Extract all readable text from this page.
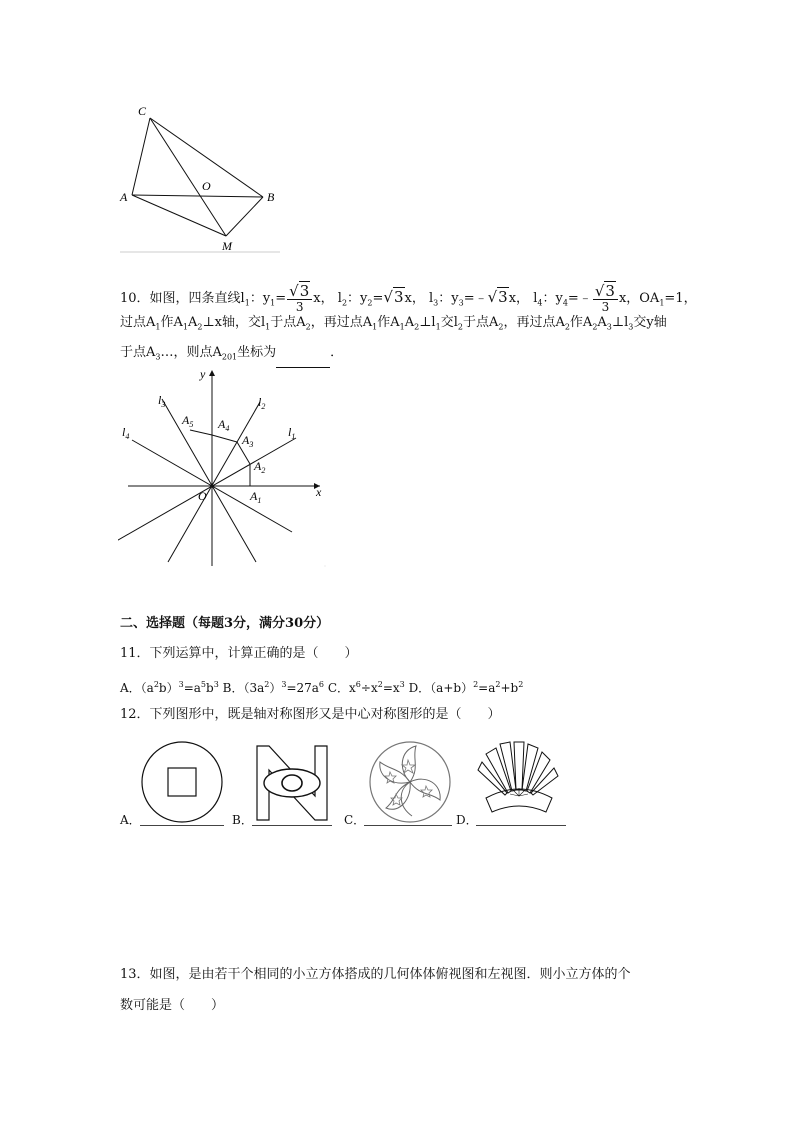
C
O
A	B
M
10．如图，四条直线$l_1$：$y_1= \frac{√3}{3}$ x， $l_2$：$y_2=√3x$， $l_3$：$y_3=﹣√3x$， $l_4$：$y_4=﹣ \frac{√3}{3}$ x，$OA_1=1$，
过点$A_1$作$A_1A_2\perp x$轴，交$l_1$于点$A_2$，再过点$A_1$作$A_1A_2\perp l_1$交$l_2$于点$A_2$，再过点$A_2$作$A_2A_3\perp l_3$交y轴
于点$A_3\dots$，则点$A_{201}$坐标为	．
y
x
O
$l_1$
$l_2$
$l_3$
$l_4$
$A_1$
$A_2$
$A_3$
$A_4$
$A_5$
二、选择题（每题3分，满分30分）
11．下列运算中，计算正确的是（　　）
A．$(a^2b)^3=a^5b^3$ B．$(3a^2)^3=27a^6$ C．$x^6\div x^2=x^3$ D．$(a+b)^2=a^2+b^2$
12．下列图形中，既是轴对称图形又是中心对称图形的是（　　）
A．	B．	C．	D．
13．如图，是由若干个相同的小立方体搭成的几何体体俯视图和左视图．则小立方体的个
数可能是（　　）
